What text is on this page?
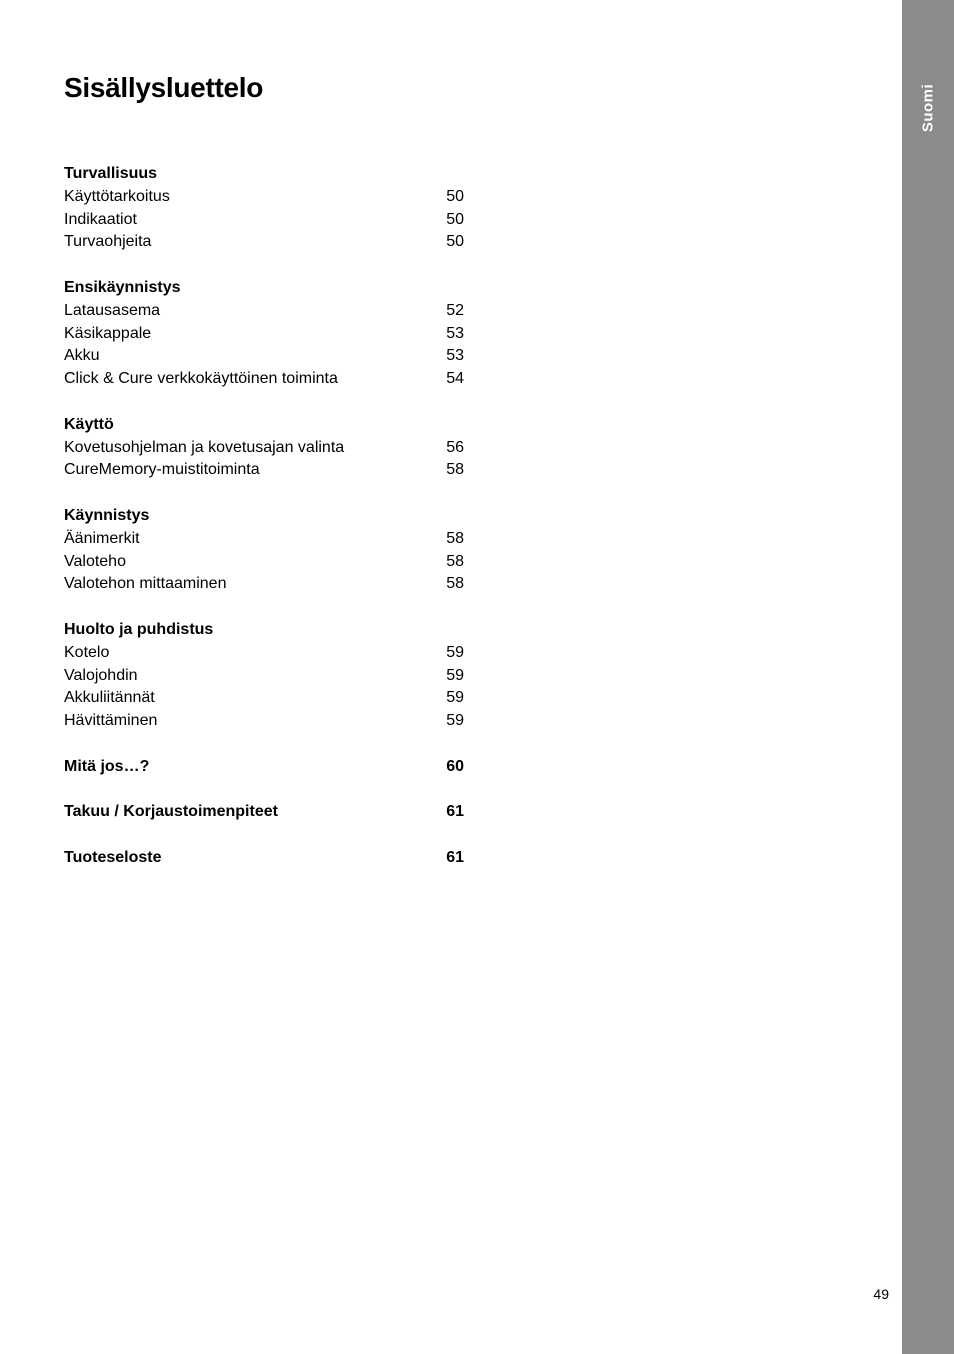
Sisällysluettelo
Turvallisuus
Käyttötarkoitus	50
Indikaatiot	50
Turvaohjeita	50
Ensikäynnistys
Latausasema	52
Käsikappale	53
Akku	53
Click & Cure verkkokäyttöinen toiminta	54
Käyttö
Kovetusohjelman ja kovetusajan valinta	56
CureMemory-muistitoiminta	58
Käynnistys
Äänimerkit	58
Valoteho	58
Valotehon mittaaminen	58
Huolto ja puhdistus
Kotelo	59
Valojohdin	59
Akkuliitännät	59
Hävittäminen	59
Mitä jos…?	60
Takuu / Korjaustoimenpiteet	61
Tuoteseloste	61
Suomi
49
